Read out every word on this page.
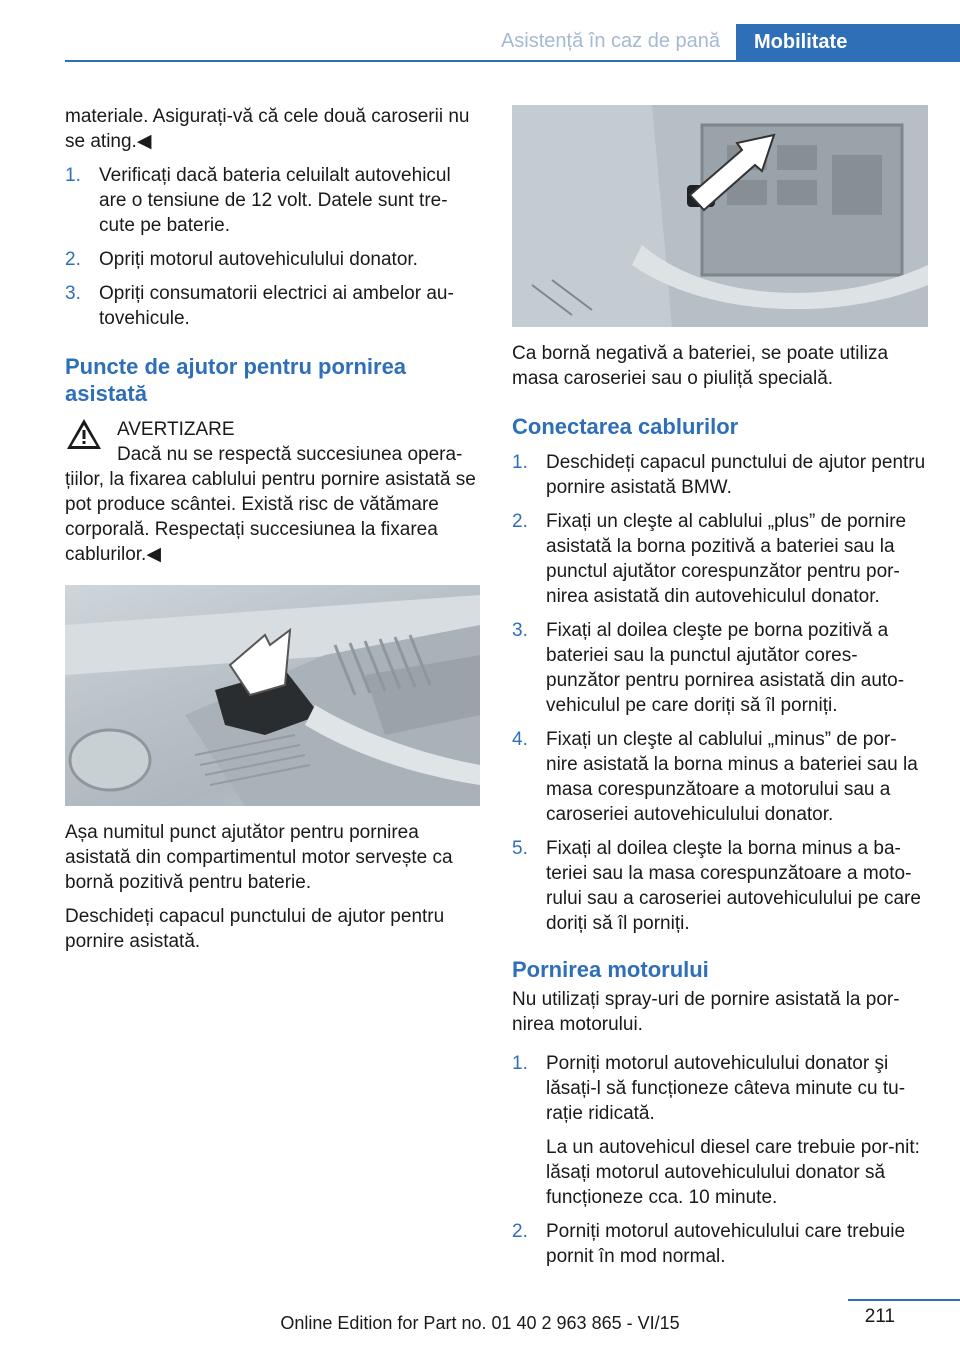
Asistență în caz de pană	Mobilitate

materiale. Asigurați-vă că cele două caroserii nu se ating.◀

1. Verificați dacă bateria celuilalt autovehicul are o tensiune de 12 volt. Datele sunt tre‐cute pe baterie.
2. Opriți motorul autovehiculului donator.
3. Opriți consumatorii electrici ai ambelor au‐tovehicule.
Puncte de ajutor pentru pornirea asistată
AVERTIZARE
Dacă nu se respectă succesiunea opera‐
țiilor, la fixarea cablului pentru pornire asistată se pot produce scântei. Există risc de vătămare corporală. Respectați succesiunea la fixarea cablurilor.◀

Așa numitul punct ajutător pentru pornirea asistată din compartimentul motor servește ca bornă pozitivă pentru baterie.

Deschideți capacul punctului de ajutor pentru pornire asistată.

Ca bornă negativă a bateriei, se poate utiliza masa caroseriei sau o piuliță specială.

Conectarea cablurilor
1. Deschideți capacul punctului de ajutor pentru pornire asistată BMW.
2. Fixați un cleşte al cablului „plus” de pornire asistată la borna pozitivă a bateriei sau la punctul ajutător corespunzător pentru por‐nirea asistată din autovehiculul donator.
3. Fixați al doilea cleşte pe borna pozitivă a bateriei sau la punctul ajutător cores‐punzător pentru pornirea asistată din auto‐vehiculul pe care doriți să îl porniți.
4. Fixați un cleşte al cablului „minus” de por‐nire asistată la borna minus a bateriei sau la masa corespunzătoare a motorului sau a caroseriei autovehiculului donator.
5. Fixați al doilea cleşte la borna minus a ba‐teriei sau la masa corespunzătoare a moto‐rului sau a caroseriei autovehiculului pe care doriți să îl porniți.
Pornirea motorului

Nu utilizați spray-uri de pornire asistată la por‐nirea motorului.

1. Porniți motorul autovehiculului donator şi lăsați-l să funcționeze câteva minute cu tu‐rație ridicată.
La un autovehicul diesel care trebuie por‐nit: lăsați motorul autovehiculului donator să funcționeze cca. 10 minute.
2. Porniți motorul autovehiculului care trebuie pornit în mod normal.
211
Online Edition for Part no. 01 40 2 963 865 - VI/15
